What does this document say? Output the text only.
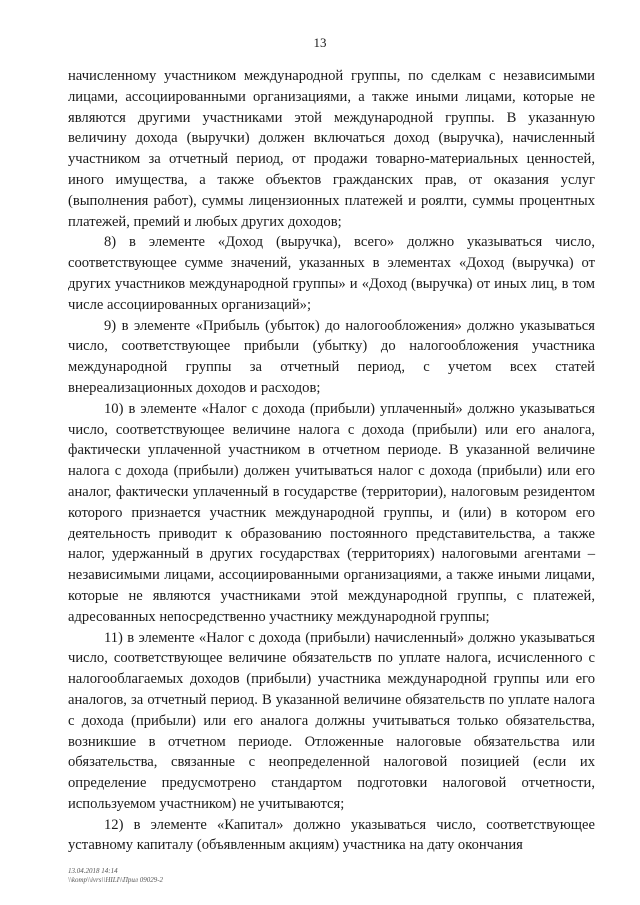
13

начисленному участником международной группы, по сделкам с независимыми лицами, ассоциированными организациями, а также иными лицами, которые не являются другими участниками этой международной группы. В указанную величину дохода (выручки) должен включаться доход (выручка), начисленный участником за отчетный период, от продажи товарно-материальных ценностей, иного имущества, а также объектов гражданских прав, от оказания услуг (выполнения работ), суммы лицензионных платежей и роялти, суммы процентных платежей, премий и любых других доходов;

8) в элементе «Доход (выручка), всего» должно указываться число, соответствующее сумме значений, указанных в элементах «Доход (выручка) от других участников международной группы» и «Доход (выручка) от иных лиц, в том числе ассоциированных организаций»;

9) в элементе «Прибыль (убыток) до налогообложения» должно указываться число, соответствующее прибыли (убытку) до налогообложения участника международной группы за отчетный период, с учетом всех статей внереализационных доходов и расходов;

10) в элементе «Налог с дохода (прибыли) уплаченный» должно указываться число, соответствующее величине налога с дохода (прибыли) или его аналога, фактически уплаченной участником в отчетном периоде. В указанной величине налога с дохода (прибыли) должен учитываться налог с дохода (прибыли) или его аналог, фактически уплаченный в государстве (территории), налоговым резидентом которого признается участник международной группы, и (или) в котором его деятельность приводит к образованию постоянного представительства, а также налог, удержанный в других государствах (территориях) налоговыми агентами – независимыми лицами, ассоциированными организациями, а также иными лицами, которые не являются участниками этой международной группы, с платежей, адресованных непосредственно участнику международной группы;

11) в элементе «Налог с дохода (прибыли) начисленный» должно указываться число, соответствующее величине обязательств по уплате налога, исчисленного с налогооблагаемых доходов (прибыли) участника международной группы или его аналогов, за отчетный период. В указанной величине обязательств по уплате налога с дохода (прибыли) или его аналога должны учитываться только обязательства, возникшие в отчетном периоде. Отложенные налоговые обязательства или обязательства, связанные с неопределенной налоговой позицией (если их определение предусмотрено стандартом подготовки налоговой отчетности, используемом участником) не учитываются;

12) в элементе «Капитал» должно указываться число, соответствующее уставному капиталу (объявленным акциям) участника на дату окончания

13.04.2018 14:14
\\komp\\ivrs\\HILI\\Прил 09029-2
